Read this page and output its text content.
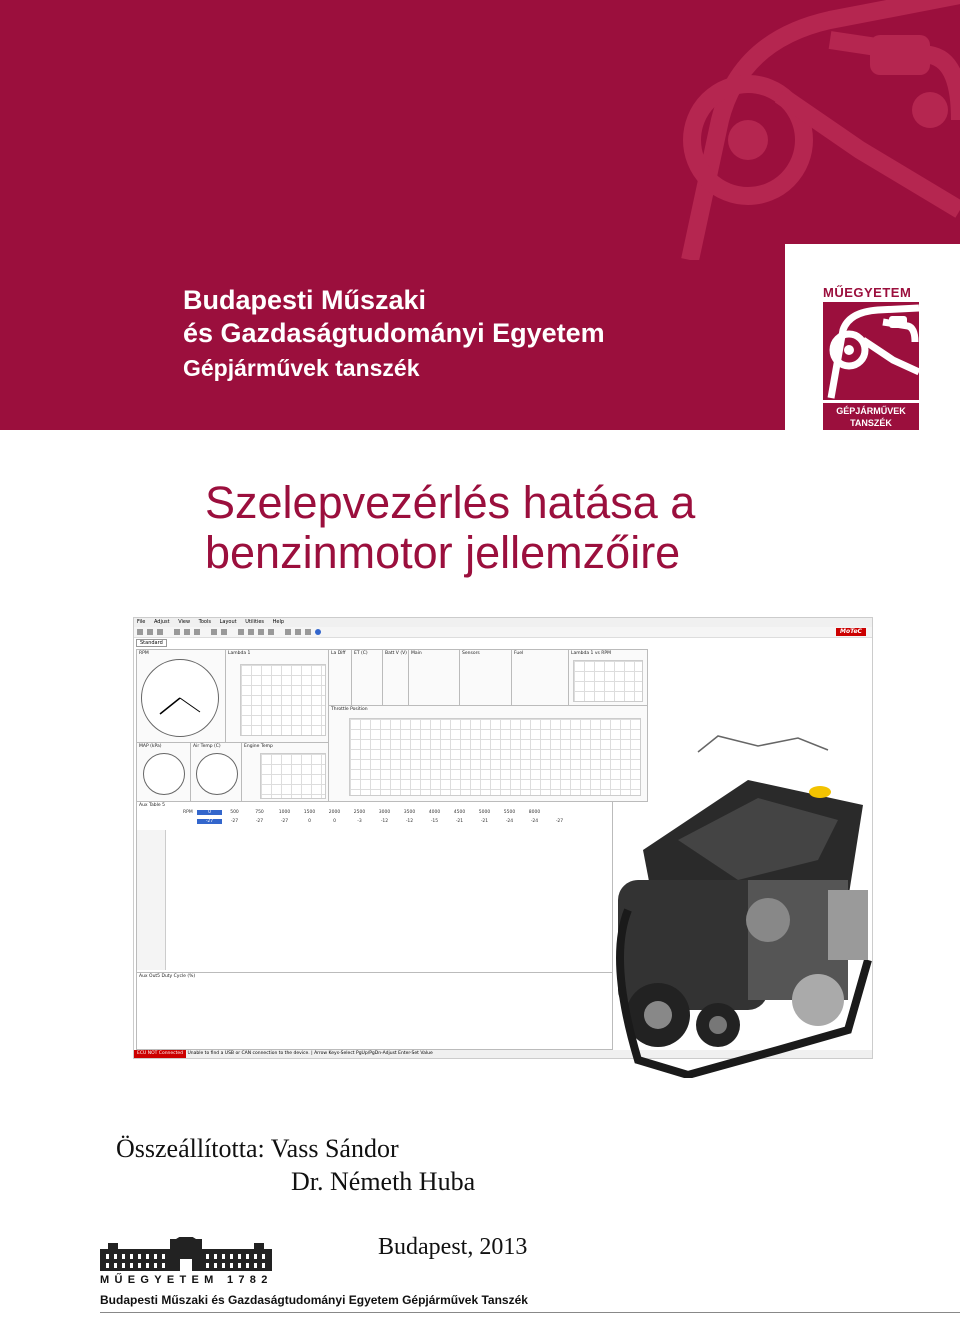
Budapesti Műszaki
és Gazdaságtudományi Egyetem
Gépjárművek tanszék
MŰEGYETEM
GÉPJÁRMŰVEK
TANSZÉK
Szelepvezérlés hatása a
benzinmotor jellemzőire
File Adjust View Tools Layout Utilities Help
MoTeC
Standard
RPM	Lambda 1	La Diff ET (C)	Batt V (V) Main	Sensors	Fuel	Lambda 1 vs RPM
Throttle Position
MAP (kPa)	Air Temp (C)	Engine Temp
Aux Table 5
RPM	0	500	750	1000	1500	2000	2500	3000	3500	4000	4500	5000	5500	8000
-27	-27	-27	-27	0	0	-3	-12	-12	-15	-21	-21	-24	-24	-27
Aux Out5 Duty Cycle (%)
ECU NOT Connected Unable to find a USB or CAN connection to the device. | Arrow Keys-Select PgUp/PgDn-Adjust Enter-Set Value
Összeállította: Vass Sándor
Dr. Németh Huba
Budapest, 2013
MŰEGYETEM 1782
Budapesti Műszaki és Gazdaságtudományi Egyetem Gépjárművek Tanszék
